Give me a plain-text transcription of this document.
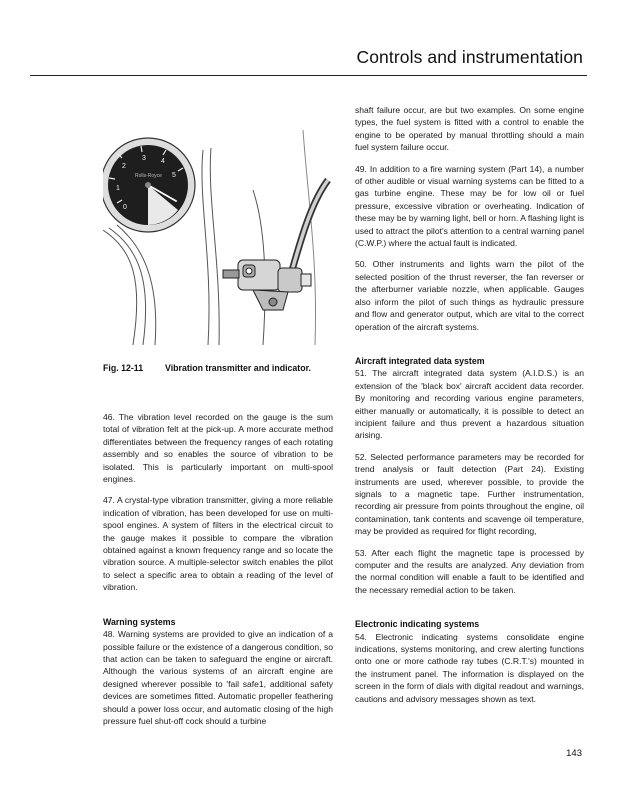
Controls and instrumentation
0
1
2
3 4
5
Rolls-Royce
Fig. 12-11	Vibration transmitter and indicator.

46. The vibration level recorded on the gauge is the sum total of vibration felt at the pick-up. A more accurate method differentiates between the frequency ranges of each rotating assembly and so enables the source of vibration to be isolated. This is particularly important on multi-spool engines.

47. A crystal-type vibration transmitter, giving a more reliable indication of vibration, has been developed for use on multi-spool engines. A system of filters in the electrical circuit to the gauge makes it possible to compare the vibration obtained against a known frequency range and so locate the vibration source. A multiple-selector switch enables the pilot to select a specific area to obtain a reading of the level of vibration.

Warning systems

48. Warning systems are provided to give an indication of a possible failure or the existence of a dangerous condition, so that action can be taken to safeguard the engine or aircraft. Although the various systems of an aircraft engine are designed wherever possible to 'fail safe1, additional safety devices are sometimes fitted. Automatic propeller feathering should a power loss occur, and automatic closing of the high pressure fuel shut-off cock should a turbine

shaft failure occur, are but two examples. On some engine types, the fuel system is fitted with a control to enable the engine to be operated by manual throttling should a main fuel system failure occur.

49. In addition to a fire warning system (Part 14), a number of other audible or visual warning systems can be fitted to a gas turbine engine. These may be for low oil or fuel pressure, excessive vibration or overheating. Indication of these may be by warning light, bell or horn. A flashing light is used to attract the pilot's attention to a central warning panel (C.W.P.) where the actual fault is indicated.

50. Other instruments and lights warn the pilot of the selected position of the thrust reverser, the fan reverser or the afterburner variable nozzle, when applicable. Gauges also inform the pilot of such things as hydraulic pressure and flow and generator output, which are vital to the correct operation of the aircraft systems.

Aircraft integrated data system

51. The aircraft integrated data system (A.I.D.S.) is an extension of the 'black box' aircraft accident data recorder. By monitoring and recording various engine parameters, either manually or automatically, it is possible to detect an incipient failure and thus prevent a hazardous situation arising.

52. Selected performance parameters may be recorded for trend analysis or fault detection (Part 24). Existing instruments are used, wherever possible, to provide the signals to a magnetic tape. Further instrumentation, recording air pressure from points throughout the engine, oil contamination, tank contents and scavenge oil temperature, may be provided as required for flight recording,

53. After each flight the magnetic tape is processed by computer and the results are analyzed. Any deviation from the normal condition will enable a fault to be identified and the necessary remedial action to be taken.

Electronic indicating systems

54. Electronic indicating systems consolidate engine indications, systems monitoring, and crew alerting functions onto one or more cathode ray tubes (C.R.T.'s) mounted in the instrument panel. The information is displayed on the screen in the form of dials with digital readout and warnings, cautions and advisory messages shown as text.

143
